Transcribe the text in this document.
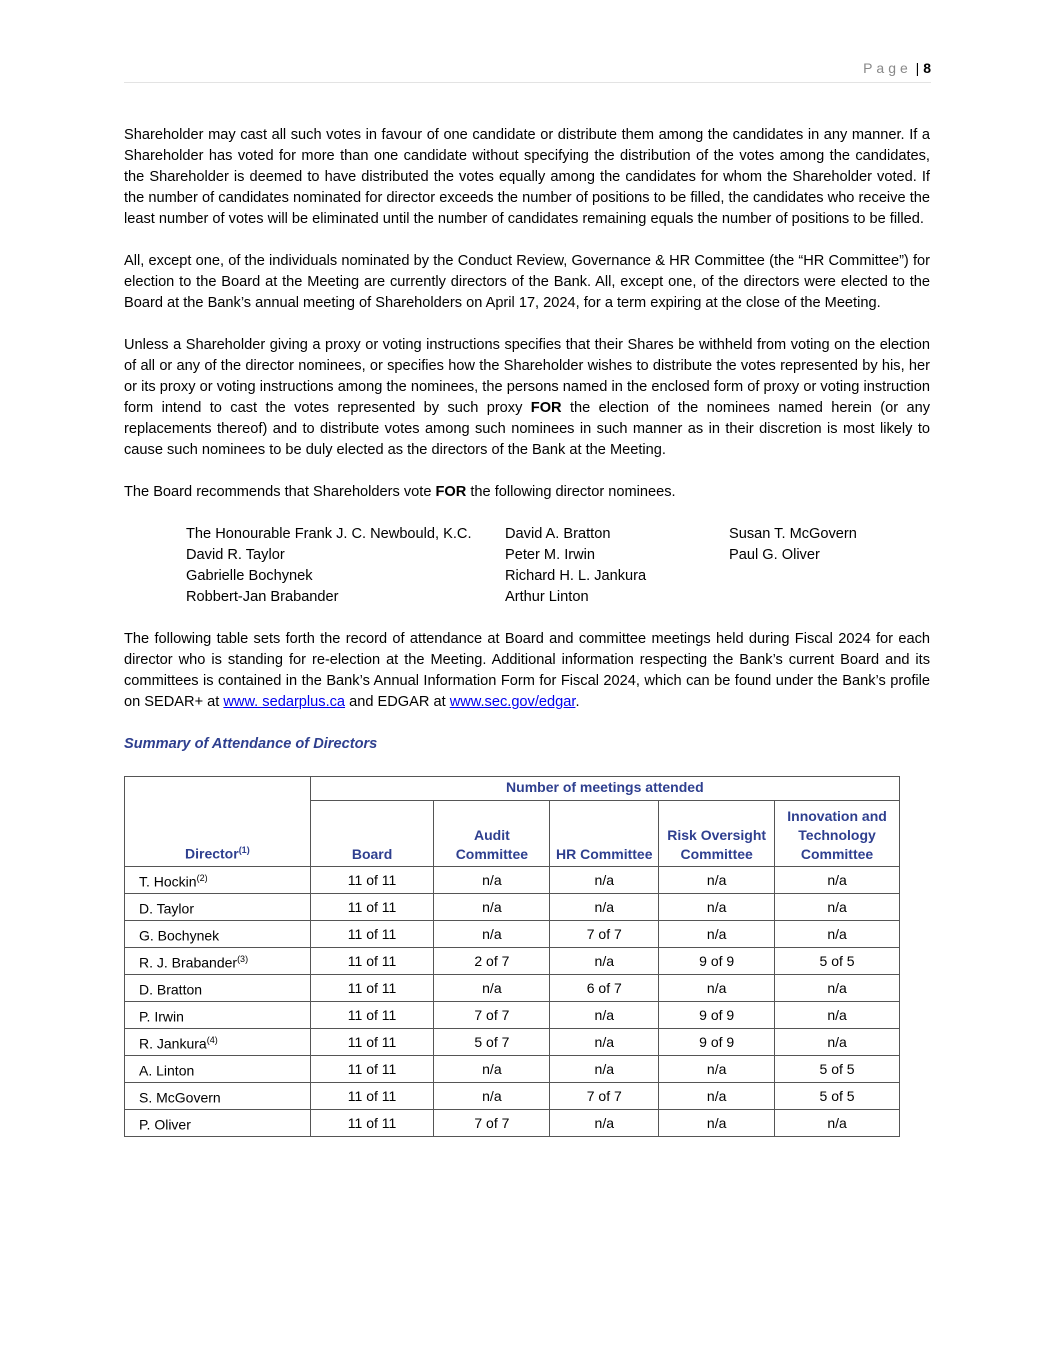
Page | 8

Shareholder may cast all such votes in favour of one candidate or distribute them among the candidates in any manner. If a Shareholder has voted for more than one candidate without specifying the distribution of the votes among the candidates, the Shareholder is deemed to have distributed the votes equally among the candidates for whom the Shareholder voted. If the number of candidates nominated for director exceeds the number of positions to be filled, the candidates who receive the least number of votes will be eliminated until the number of candidates remaining equals the number of positions to be filled.

All, except one, of the individuals nominated by the Conduct Review, Governance & HR Committee (the “HR Committee”) for election to the Board at the Meeting are currently directors of the Bank. All, except one, of the directors were elected to the Board at the Bank’s annual meeting of Shareholders on April 17, 2024, for a term expiring at the close of the Meeting.

Unless a Shareholder giving a proxy or voting instructions specifies that their Shares be withheld from voting on the election of all or any of the director nominees, or specifies how the Shareholder wishes to distribute the votes represented by his, her or its proxy or voting instructions among the nominees, the persons named in the enclosed form of proxy or voting instruction form intend to cast the votes represented by such proxy FOR the election of the nominees named herein (or any replacements thereof) and to distribute votes among such nominees in such manner as in their discretion is most likely to cause such nominees to be duly elected as the directors of the Bank at the Meeting.

The Board recommends that Shareholders vote FOR the following director nominees.

The Honourable Frank J. C. Newbould, K.C.	David A. Bratton	Susan T. McGovern
David R. Taylor	Peter M. Irwin	Paul G. Oliver
Gabrielle Bochynek	Richard H. L. Jankura

Robbert-Jan Brabander	Arthur Linton

The following table sets forth the record of attendance at Board and committee meetings held during Fiscal 2024 for each director who is standing for re-election at the Meeting. Additional information respecting the Bank’s current Board and its committees is contained in the Bank’s Annual Information Form for Fiscal 2024, which can be found under the Bank’s profile on SEDAR+ at www. sedarplus.ca and EDGAR at www.sec.gov/edgar.

Summary of Attendance of Directors
Director$^{(1)}$	Number of meetings attended				
	Board	Audit Committee	HR Committee	Risk Oversight Committee	Innovation and Technology Committee
T. Hockin$^{(2)}$	11 of 11	n/a	n/a	n/a	n/a
D. Taylor	11 of 11	n/a	n/a	n/a	n/a
G. Bochynek	11 of 11	n/a	7 of 7	n/a	n/a
R. J. Brabander$^{(3)}$	11 of 11	2 of 7	n/a	9 of 9	5 of 5
D. Bratton	11 of 11	n/a	6 of 7	n/a	n/a
P. Irwin	11 of 11	7 of 7	n/a	9 of 9	n/a
R. Jankura$^{(4)}$	11 of 11	5 of 7	n/a	9 of 9	n/a
A. Linton	11 of 11	n/a	n/a	n/a	5 of 5
S. McGovern	11 of 11	n/a	7 of 7	n/a	5 of 5
P. Oliver	11 of 11	7 of 7	n/a	n/a	n/a
